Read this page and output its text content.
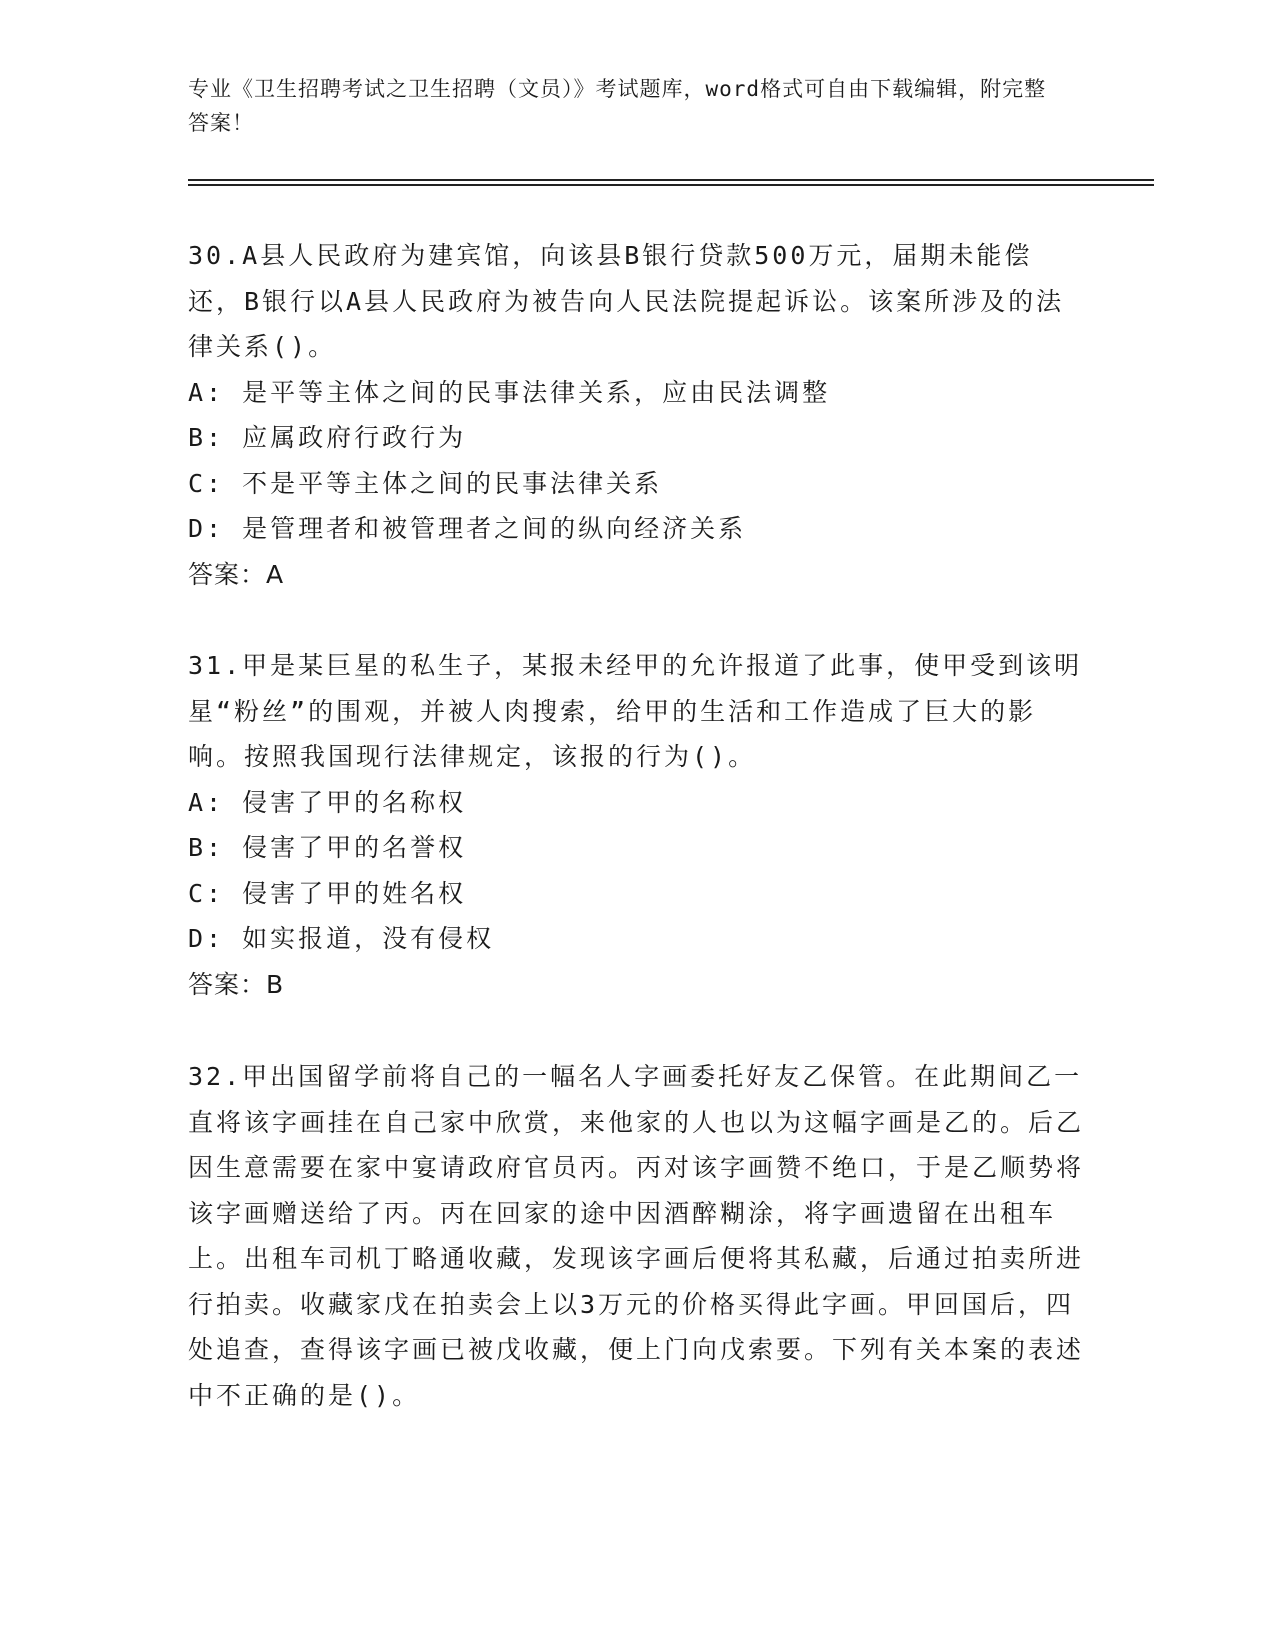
专业《卫生招聘考试之卫生招聘（文员）》考试题库，word格式可自由下载编辑，附完整答案！
30.A县人民政府为建宾馆，向该县B银行贷款500万元，届期未能偿还，B银行以A县人民政府为被告向人民法院提起诉讼。该案所涉及的法律关系()。
A: 是平等主体之间的民事法律关系，应由民法调整
B: 应属政府行政行为
C: 不是平等主体之间的民事法律关系
D: 是管理者和被管理者之间的纵向经济关系
答案：A
31.甲是某巨星的私生子，某报未经甲的允许报道了此事，使甲受到该明星“粉丝”的围观，并被人肉搜索，给甲的生活和工作造成了巨大的影响。按照我国现行法律规定，该报的行为()。
A: 侵害了甲的名称权
B: 侵害了甲的名誉权
C: 侵害了甲的姓名权
D: 如实报道，没有侵权
答案：B
32.甲出国留学前将自己的一幅名人字画委托好友乙保管。在此期间乙一直将该字画挂在自己家中欣赏，来他家的人也以为这幅字画是乙的。后乙因生意需要在家中宴请政府官员丙。丙对该字画赞不绝口，于是乙顺势将该字画赠送给了丙。丙在回家的途中因酒醉糊涂，将字画遗留在出租车上。出租车司机丁略通收藏，发现该字画后便将其私藏，后通过拍卖所进行拍卖。收藏家戊在拍卖会上以3万元的价格买得此字画。甲回国后，四处追查，查得该字画已被戊收藏，便上门向戊索要。下列有关本案的表述中不正确的是()。
